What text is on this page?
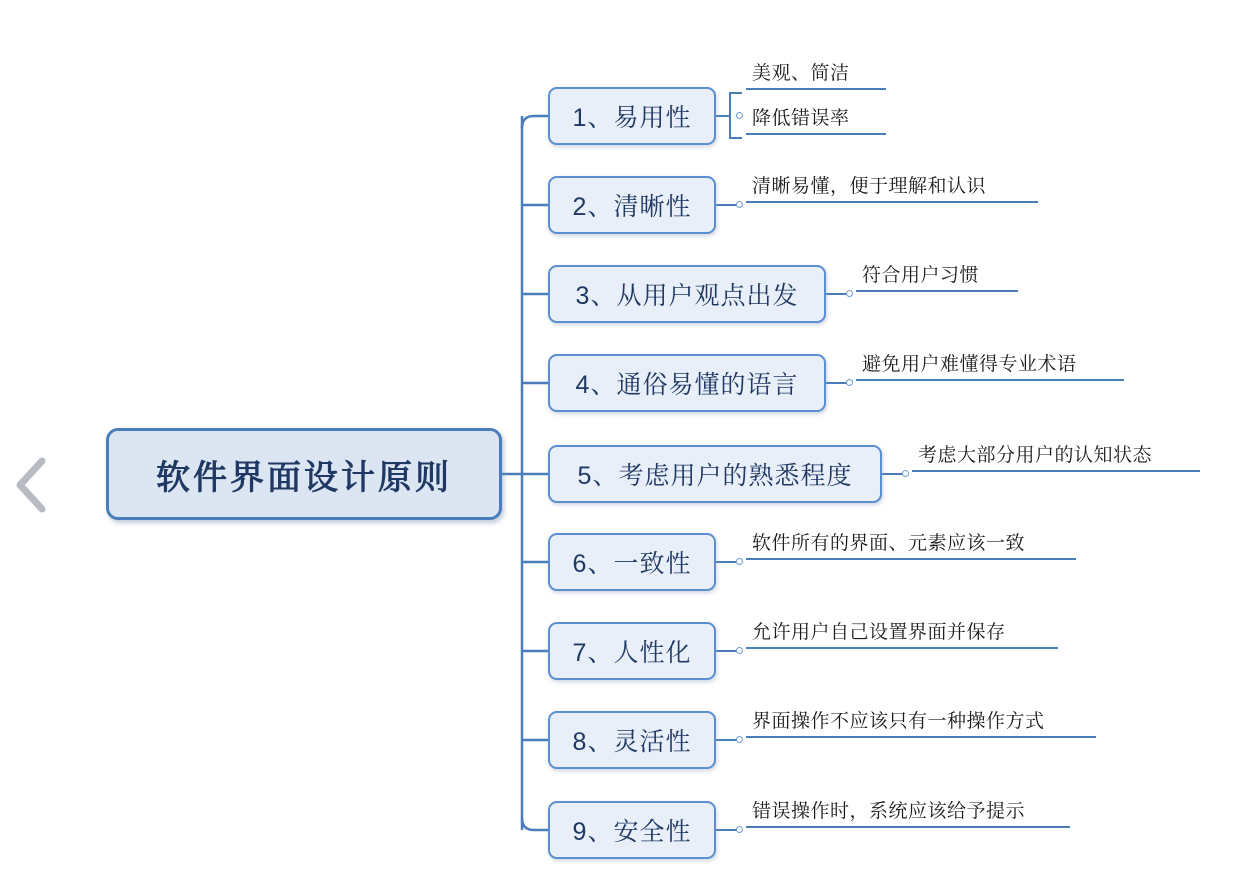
软件界面设计原则
1、易用性
2、清晰性
3、从用户观点出发
4、通俗易懂的语言
5、考虑用户的熟悉程度
6、一致性
7、人性化
8、灵活性
9、安全性
美观、简洁
降低错误率
清晰易懂，便于理解和认识
符合用户习惯
避免用户难懂得专业术语
考虑大部分用户的认知状态
软件所有的界面、元素应该一致
允许用户自己设置界面并保存
界面操作不应该只有一种操作方式
错误操作时，系统应该给予提示
